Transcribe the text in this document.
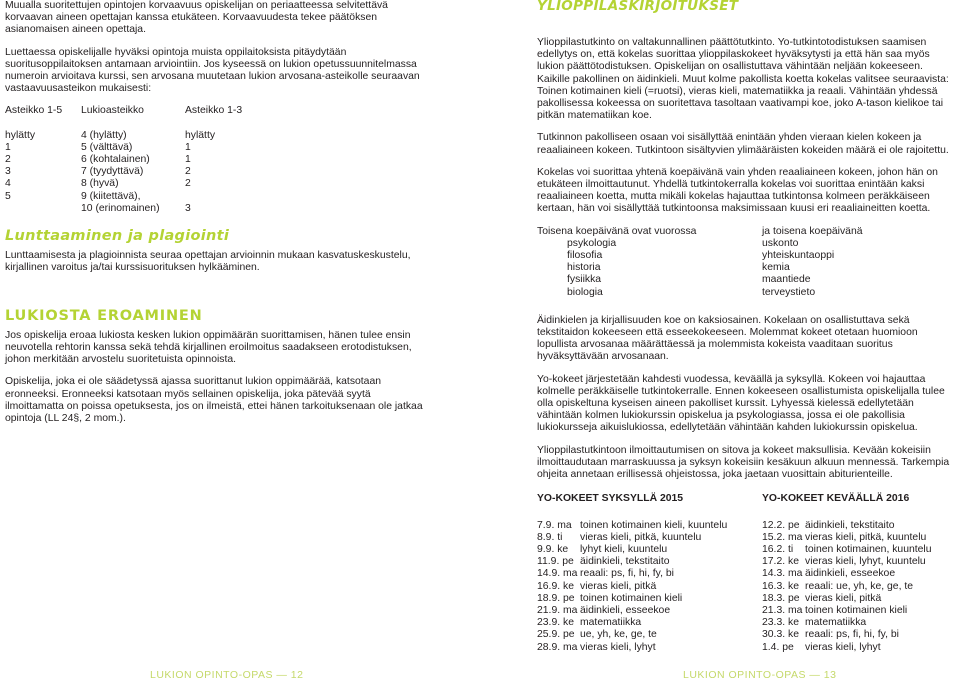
Muualla suoritettujen opintojen korvaavuus opiskelijan on periaatteessa selvitettävä korvaavan aineen opettajan kanssa etukäteen. Korvaavuudesta tekee päätöksen asianomaisen aineen opettaja.

Luettaessa opiskelijalle hyväksi opintoja muista oppilaitoksista pitäydytään suoritusoppilaitoksen antamaan arviointiin. Jos kyseessä on lukion opetussuunnitelmassa numeroin arvioitava kurssi, sen arvosana muutetaan lukion arvosana-asteikolle seuraavan vastaavuusasteikon mukaisesti:

Asteikko 1-5	Lukioasteikko	Asteikko 1-3
hylätty	4 (hylätty)	hylätty
1	5 (välttävä)	1
2	6 (kohtalainen)	1
3	7 (tyydyttävä)	2
4	8 (hyvä)	2
5	9 (kiitettävä),	
	10 (erinomainen)	3
Lunttaaminen ja plagiointi

Lunttaamisesta ja plagioinnista seuraa opettajan arvioinnin mukaan kasvatuskeskustelu, kirjallinen varoitus ja/tai kurssisuorituksen hylkääminen.

LUKIOSTA EROAMINEN

Jos opiskelija eroaa lukiosta kesken lukion oppimäärän suorittamisen, hänen tulee ensin neuvotella rehtorin kanssa sekä tehdä kirjallinen eroilmoitus saadakseen erotodistuksen, johon merkitään arvostelu suoritetuista opinnoista.

Opiskelija, joka ei ole säädetyssä ajassa suorittanut lukion oppimäärää, katsotaan eronneeksi. Eronneeksi katsotaan myös sellainen opiskelija, joka pätevää syytä ilmoittamatta on poissa opetuksesta, jos on ilmeistä, ettei hänen tarkoituksenaan ole jatkaa opintoja (LL 24§, 2 mom.).

YLIOPPILASKIRJOITUKSET

Ylioppilastutkinto on valtakunnallinen päättötutkinto. Yo-tutkintotodistuksen saamisen edellytys on, että kokelas suorittaa ylioppilaskokeet hyväksytysti ja että hän saa myös lukion päättötodistuksen. Opiskelijan on osallistuttava vähintään neljään kokeeseen. Kaikille pakollinen on äidinkieli. Muut kolme pakollista koetta kokelas valitsee seuraavista: Toinen kotimainen kieli (=ruotsi), vieras kieli, matematiikka ja reaali. Vähintään yhdessä pakollisessa kokeessa on suoritettava tasoltaan vaativampi koe, joko A-tason kielikoe tai pitkän matematiikan koe.

Tutkinnon pakolliseen osaan voi sisällyttää enintään yhden vieraan kielen kokeen ja reaaliaineen kokeen. Tutkintoon sisältyvien ylimääräisten kokeiden määrä ei ole rajoitettu.

Kokelas voi suorittaa yhtenä koepäivänä vain yhden reaaliaineen kokeen, johon hän on etukäteen ilmoittautunut. Yhdellä tutkintokerralla kokelas voi suorittaa enintään kaksi reaaliaineen koetta, mutta mikäli kokelas hajauttaa tutkintonsa kolmeen peräkkäiseen kertaan, hän voi sisällyttää tutkintoonsa maksimissaan kuusi eri reaaliaineitten koetta.

Toisena koepäivänä ovat vuorossa		ja toisena koepäivänä
	psykologia	uskonto
	filosofia	yhteiskuntaoppi
	historia	kemia
	fysiikka	maantiede
	biologia	terveystieto

Äidinkielen ja kirjallisuuden koe on kaksiosainen. Kokelaan on osallistuttava sekä tekstitaidon kokeeseen että esseekokeeseen. Molemmat kokeet otetaan huomioon lopullista arvosanaa määrättäessä ja molemmista kokeista vaaditaan suoritus hyväksyttävään arvosanaan.

Yo-kokeet järjestetään kahdesti vuodessa, keväällä ja syksyllä. Kokeen voi hajauttaa kolmelle peräkkäiselle tutkintokerralle. Ennen kokeeseen osallistumista opiskelijalla tulee olla opiskeltuna kyseisen aineen pakolliset kurssit. Lyhyessä kielessä edellytetään vähintään kolmen lukiokurssin opiskelua ja psykologiassa, jossa ei ole pakollisia lukiokursseja aikuislukiossa, edellytetään vähintään kahden lukiokurssin opiskelua.

Ylioppilastutkintoon ilmoittautumisen on sitova ja kokeet maksullisia. Kevään kokeisiin ilmoittaudutaan marraskuussa ja syksyn kokeisiin kesäkuun alkuun mennessä. Tarkempia ohjeita annetaan erillisessä ohjeistossa, joka jaetaan vuosittain abiturienteille.

YO-KOKEET SYKSYLLÄ 2015
7.9. ma	toinen kotimainen kieli, kuuntelu
8.9. ti	vieras kieli, pitkä, kuuntelu
9.9. ke	lyhyt kieli, kuuntelu
11.9. pe	äidinkieli, tekstitaito
14.9. ma	reaali: ps, fi, hi, fy, bi
16.9. ke	vieras kieli, pitkä
18.9. pe	toinen kotimainen kieli
21.9. ma	äidinkieli, esseekoe
23.9. ke	matematiikka
25.9. pe	ue, yh, ke, ge, te
28.9. ma	vieras kieli, lyhyt
YO-KOKEET KEVÄÄLLÄ 2016
12.2. pe	äidinkieli, tekstitaito
15.2. ma	vieras kieli, pitkä, kuuntelu
16.2. ti	toinen kotimainen, kuuntelu
17.2. ke	vieras kieli, lyhyt, kuuntelu
14.3. ma	äidinkieli, esseekoe
16.3. ke	reaali: ue, yh, ke, ge, te
18.3. pe	vieras kieli, pitkä
21.3. ma	toinen kotimainen kieli
23.3. ke	matematiikka
30.3. ke	reaali: ps, fi, hi, fy, bi
1.4. pe	vieras kieli, lyhyt
LUKION OPINTO-OPAS — 12	LUKION OPINTO-OPAS — 13
